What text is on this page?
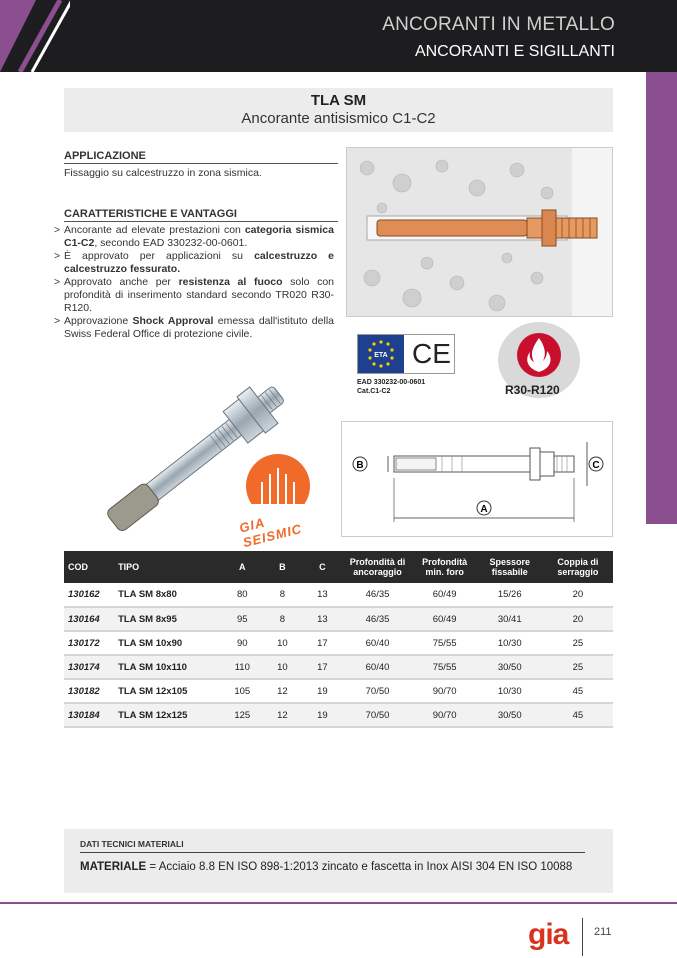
ANCORANTI IN METALLO
ANCORANTI E SIGILLANTI
TLA SM
Ancorante antisismico C1-C2
APPLICAZIONE
Fissaggio su calcestruzzo in zona sismica.
CARATTERISTICHE E VANTAGGI
> Ancorante ad elevate prestazioni con categoria sismica C1-C2, secondo EAD 330232-00-0601.
> È approvato per applicazioni su calcestruzzo e calcestruzzo fessurato.
> Approvato anche per resistenza al fuoco solo con profondità di inserimento standard secondo TR020 R30-R120.
> Approvazione Shock Approval emessa dall'istituto della Swiss Federal Office di protezione civile.
ETA CE
EAD 330232-00-0601
Cat.C1-C2	R30-R120
GIA SEISMIC
A
B	C
COD	TIPO	A	B	C	Profondità di ancoraggio	Profondità min. foro	Spessore fissabile	Coppia di serraggio
130162	TLA SM 8x80	80	8	13	46/35	60/49	15/26	20
130164	TLA SM 8x95	95	8	13	46/35	60/49	30/41	20
130172	TLA SM 10x90	90	10	17	60/40	75/55	10/30	25
130174	TLA SM 10x110	110	10	17	60/40	75/55	30/50	25
130182	TLA SM 12x105	105	12	19	70/50	90/70	10/30	45
130184	TLA SM 12x125	125	12	19	70/50	90/70	30/50	45
DATI TECNICI MATERIALI
MATERIALE = Acciaio 8.8 EN ISO 898-1:2013 zincato e fascetta in Inox AISI 304 EN ISO 10088
gia 211
